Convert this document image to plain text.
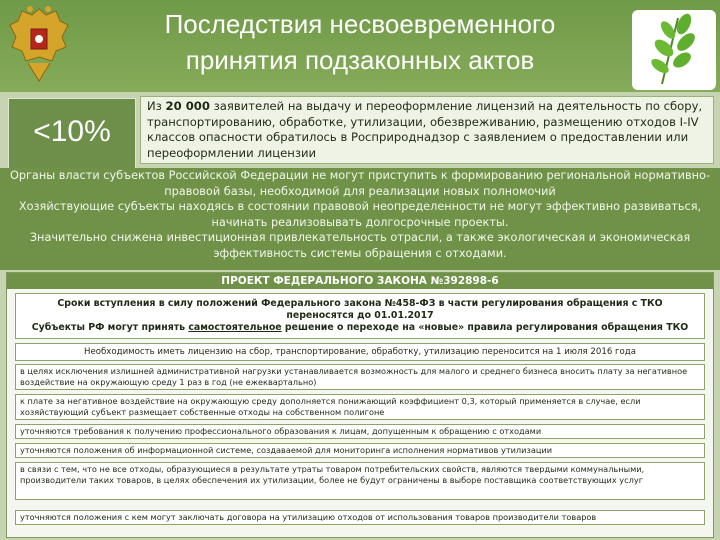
Последствия несвоевременного
принятия подзаконных актов
<10%
Из 20 000 заявителей на выдачу и переоформление лицензий на деятельность по сбору, транспортированию, обработке, утилизации, обезвреживанию, размещению отходов I-IV классов опасности обратилось в Росприроднадзор с заявлением о предоставлении или переоформлении лицензии

Органы власти субъектов Российской Федерации не могут приступить к формированию региональной нормативно-правовой базы, необходимой для реализации новых полномочий

Хозяйствующие субъекты находясь в состоянии правовой неопределенности не могут эффективно развиваться, начинать реализовывать долгосрочные проекты.

Значительно снижена инвестиционная привлекательность отрасли, а также экологическая и экономическая эффективность системы обращения с отходами.

ПРОЕКТ ФЕДЕРАЛЬНОГО ЗАКОНА №392898-6
Сроки вступления в силу положений Федерального закона №458-ФЗ в части регулирования обращения с ТКО
переносятся до 01.01.2017
Субъекты РФ могут принять самостоятельное решение о переходе на «новые» правила регулирования обращения ТКО
Необходимость иметь лицензию на сбор, транспортирование, обработку, утилизацию переносится на 1 июля 2016 года
в целях исключения излишней административной нагрузки устанавливается возможность для малого и среднего бизнеса вносить плату за негативное воздействие на окружающую среду 1 раз в год (не ежеквартально)
к плате за негативное воздействие на окружающую среду дополняется понижающий коэффициент 0,3, который применяется в случае, если хозяйствующий субъект размещает собственные отходы на собственном полигоне
уточняются требования к получению профессионального образования к лицам, допущенным к обращению с отходами
уточняются положения об информационной системе, создаваемой для мониторинга исполнения нормативов утилизации
в связи с тем, что не все отходы, образующиеся в результате утраты товаром потребительских свойств, являются твердыми коммунальными, производители таких товаров, в целях обеспечения их утилизации, более не будут ограничены в выборе поставщика соответствующих услуг
уточняются положения с кем могут заключать договора на утилизацию отходов от использования товаров производители товаров
